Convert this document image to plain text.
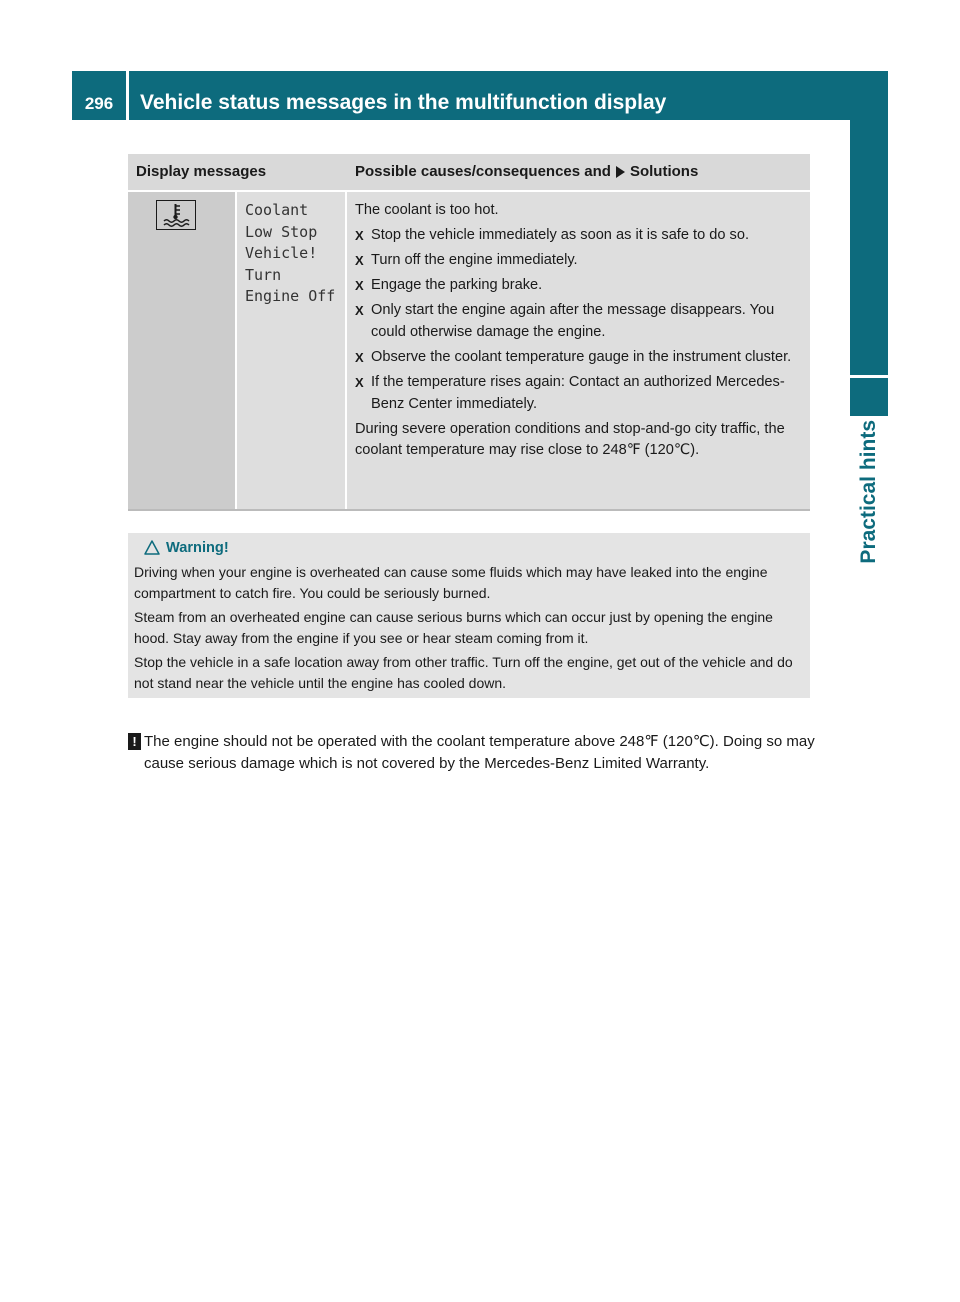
296	Vehicle status messages in the multifunction display
Practical hints
Display messages	Possible causes/consequences and Solutions
Coolant
Low Stop
Vehicle!
Turn
Engine Off

The coolant is too hot.

X Stop the vehicle immediately as soon as it is safe to do so.
X Turn off the engine immediately.
X Engage the parking brake.
X Only start the engine again after the message disappears. You could otherwise damage the engine.
X Observe the coolant temperature gauge in the instrument cluster.
X If the temperature rises again: Contact an authorized Mercedes-Benz Center immediately.

During severe operation conditions and stop-and-go city traffic, the coolant temperature may rise close to 248℉ (120℃).

Warning!

Driving when your engine is overheated can cause some fluids which may have leaked into the engine compartment to catch fire. You could be seriously burned.

Steam from an overheated engine can cause serious burns which can occur just by opening the engine hood. Stay away from the engine if you see or hear steam coming from it.

Stop the vehicle in a safe location away from other traffic. Turn off the engine, get out of the vehicle and do not stand near the vehicle until the engine has cooled down.

! The engine should not be operated with the coolant temperature above 248℉ (120℃). Doing so may cause serious damage which is not covered by the Mercedes-Benz Limited Warranty.
